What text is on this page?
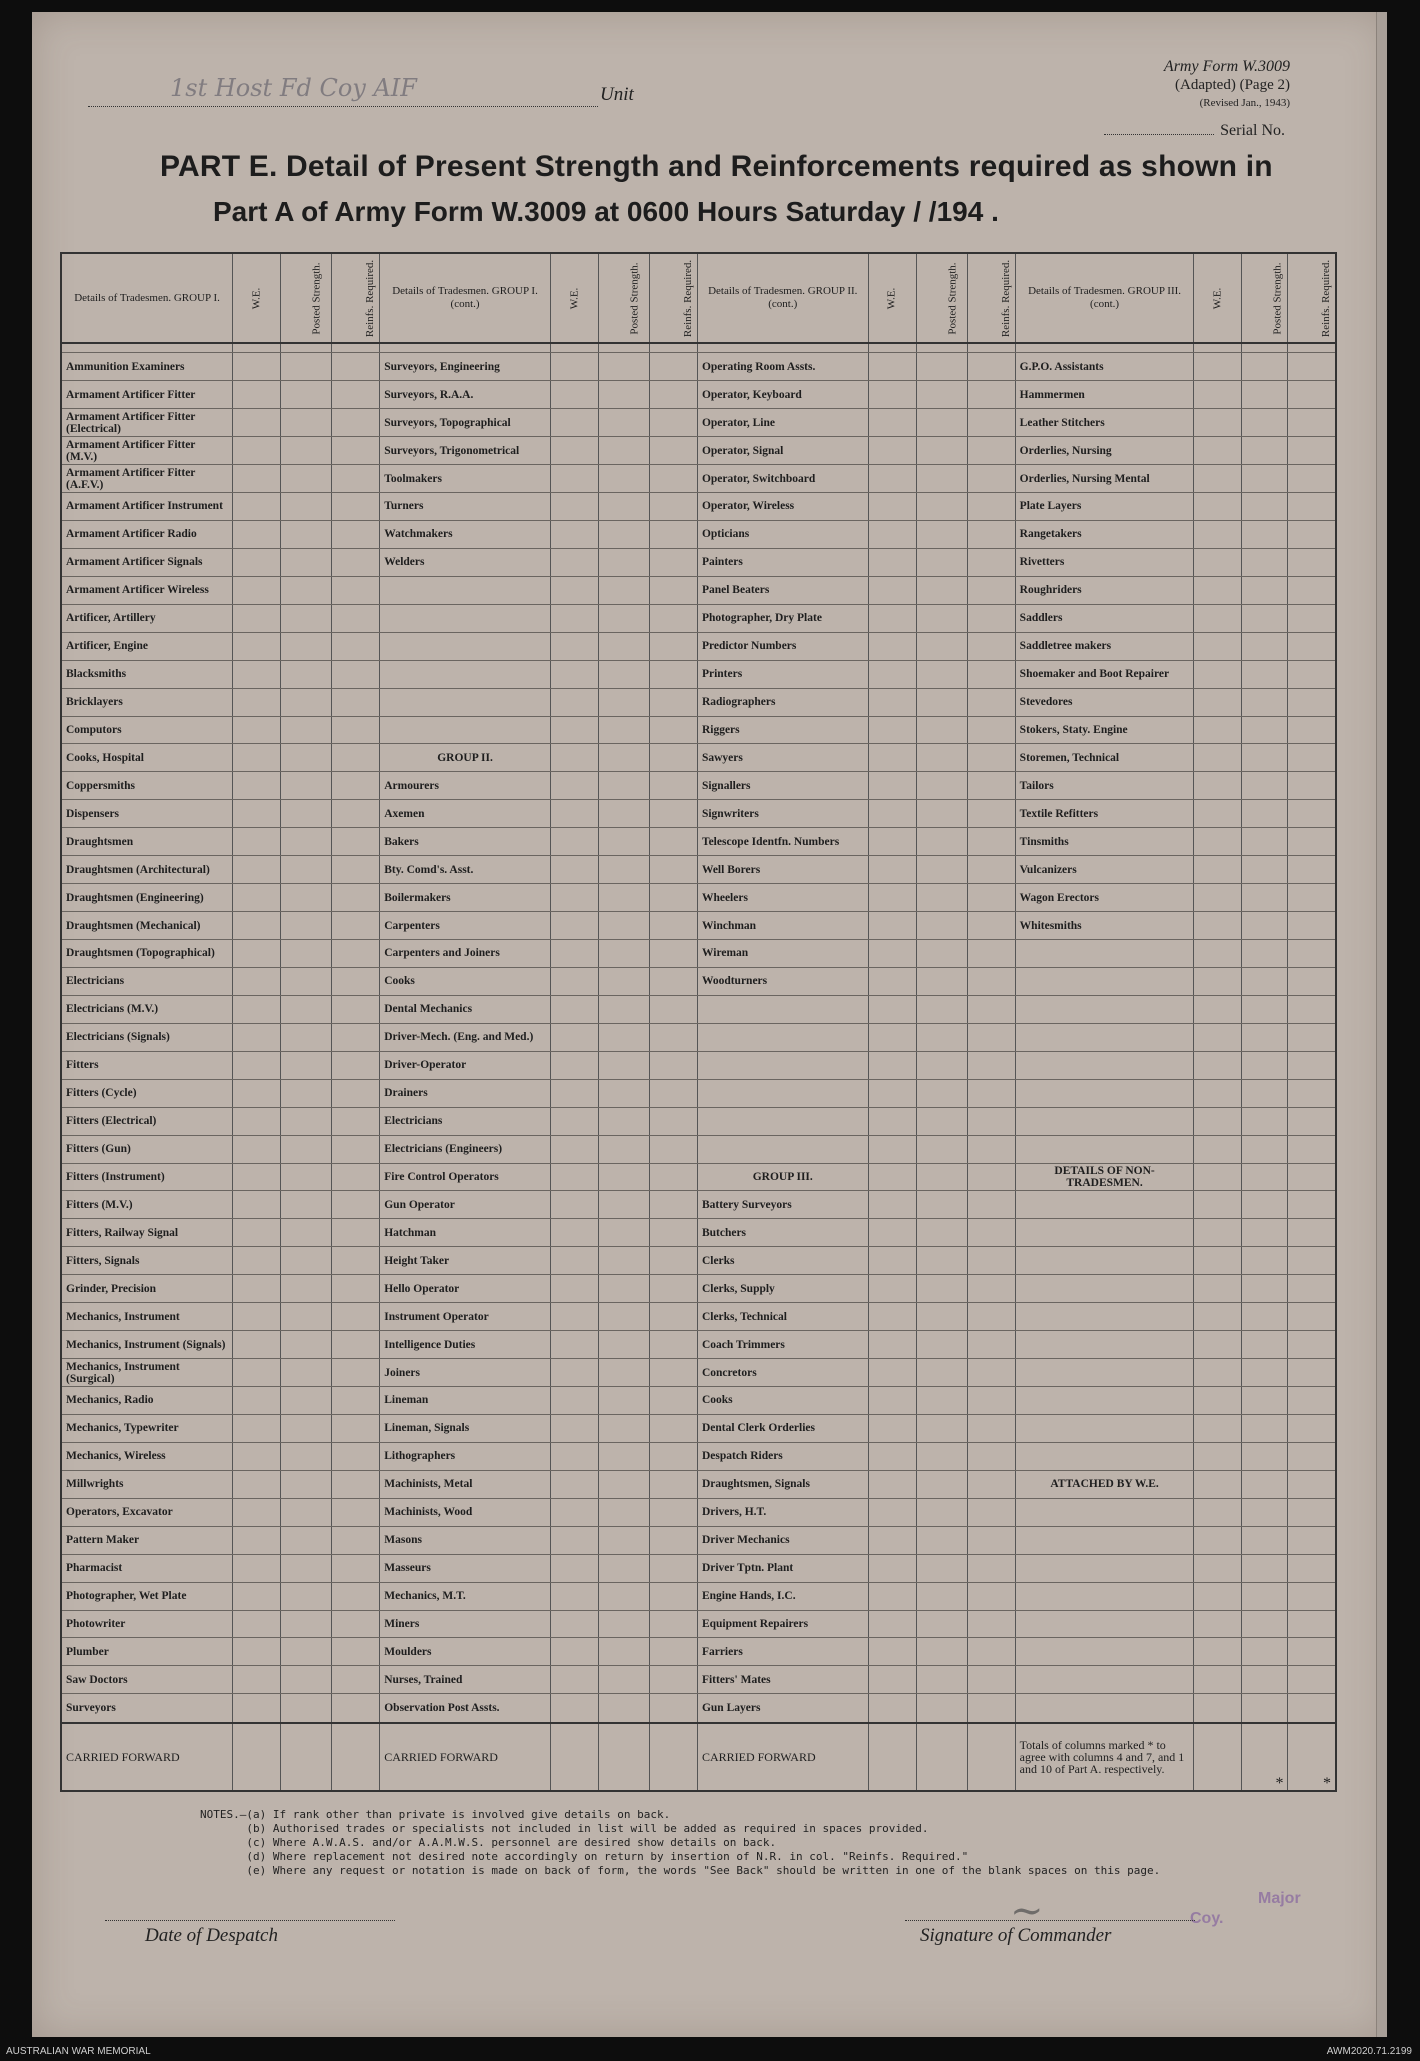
1st Host Fd Coy AIF	Unit
Army Form W.3009
(Adapted) (Page 2)
(Revised Jan., 1943)
Serial No.
PART E. Detail of Present Strength and Reinforcements required as shown in
Part A of Army Form W.3009 at 0600 Hours Saturday / /194 .
Details of Tradesmen. GROUP I.	W.E.	Posted Strength.	Reinfs. Required.	Details of Tradesmen. GROUP I. (cont.)	W.E.	Posted Strength.	Reinfs. Required.	Details of Tradesmen. GROUP II. (cont.)	W.E.	Posted Strength.	Reinfs. Required.	Details of Tradesmen. GROUP III. (cont.)	W.E.	Posted Strength.	Reinfs. Required.

Ammunition Examiners				Surveyors, Engineering				Operating Room Assts.				G.P.O. Assistants			
Armament Artificer Fitter				Surveyors, R.A.A.				Operator, Keyboard				Hammermen			
Armament Artificer Fitter (Electrical)				Surveyors, Topographical				Operator, Line				Leather Stitchers			
Armament Artificer Fitter (M.V.)				Surveyors, Trigonometrical				Operator, Signal				Orderlies, Nursing			
Armament Artificer Fitter (A.F.V.)				Toolmakers				Operator, Switchboard				Orderlies, Nursing Mental			
Armament Artificer Instrument				Turners				Operator, Wireless				Plate Layers			
Armament Artificer Radio				Watchmakers				Opticians				Rangetakers			
Armament Artificer Signals				Welders				Painters				Rivetters			
Armament Artificer Wireless								Panel Beaters				Roughriders			
Artificer, Artillery								Photographer, Dry Plate				Saddlers			
Artificer, Engine								Predictor Numbers				Saddletree makers			
Blacksmiths								Printers				Shoemaker and Boot Repairer			
Bricklayers								Radiographers				Stevedores			
Computors								Riggers				Stokers, Staty. Engine			
Cooks, Hospital				GROUP II.				Sawyers				Storemen, Technical			
Coppersmiths				Armourers				Signallers				Tailors			
Dispensers				Axemen				Signwriters				Textile Refitters			
Draughtsmen				Bakers				Telescope Identfn. Numbers				Tinsmiths			
Draughtsmen (Architectural)				Bty. Comd's. Asst.				Well Borers				Vulcanizers			
Draughtsmen (Engineering)				Boilermakers				Wheelers				Wagon Erectors			
Draughtsmen (Mechanical)				Carpenters				Winchman				Whitesmiths			
Draughtsmen (Topographical)				Carpenters and Joiners				Wireman							
Electricians				Cooks				Woodturners							
Electricians (M.V.)				Dental Mechanics											
Electricians (Signals)				Driver-Mech. (Eng. and Med.)											
Fitters				Driver-Operator											
Fitters (Cycle)				Drainers											
Fitters (Electrical)				Electricians											
Fitters (Gun)				Electricians (Engineers)											
Fitters (Instrument)				Fire Control Operators				GROUP III.				DETAILS OF NON-TRADESMEN.			
Fitters (M.V.)				Gun Operator				Battery Surveyors							
Fitters, Railway Signal				Hatchman				Butchers							
Fitters, Signals				Height Taker				Clerks							
Grinder, Precision				Hello Operator				Clerks, Supply							
Mechanics, Instrument				Instrument Operator				Clerks, Technical							
Mechanics, Instrument (Signals)				Intelligence Duties				Coach Trimmers							
Mechanics, Instrument (Surgical)				Joiners				Concretors							
Mechanics, Radio				Lineman				Cooks							
Mechanics, Typewriter				Lineman, Signals				Dental Clerk Orderlies							
Mechanics, Wireless				Lithographers				Despatch Riders							
Millwrights				Machinists, Metal				Draughtsmen, Signals				ATTACHED BY W.E.			
Operators, Excavator				Machinists, Wood				Drivers, H.T.							
Pattern Maker				Masons				Driver Mechanics							
Pharmacist				Masseurs				Driver Tptn. Plant							
Photographer, Wet Plate				Mechanics, M.T.				Engine Hands, I.C.							
Photowriter				Miners				Equipment Repairers							
Plumber				Moulders				Farriers							
Saw Doctors				Nurses, Trained				Fitters' Mates							
Surveyors				Observation Post Assts.				Gun Layers							
CARRIED FORWARD				CARRIED FORWARD				CARRIED FORWARD				Totals of columns marked * to agree with columns 4 and 7, and 1 and 10 of Part A. respectively.		*	*
NOTES.—(a) If rank other than private is involved give details on back.
(b) Authorised trades or specialists not included in list will be added as required in spaces provided.
(c) Where A.W.A.S. and/or A.A.M.W.S. personnel are desired show details on back.
(d) Where replacement not desired note accordingly on return by insertion of N.R. in col. "Reinfs. Required."
(e) Where any request or notation is made on back of form, the words "See Back" should be written in one of the blank spaces on this page.
~	Major
Coy.
Date of Despatch	Signature of Commander
AUSTRALIAN WAR MEMORIAL	AWM2020.71.2199
